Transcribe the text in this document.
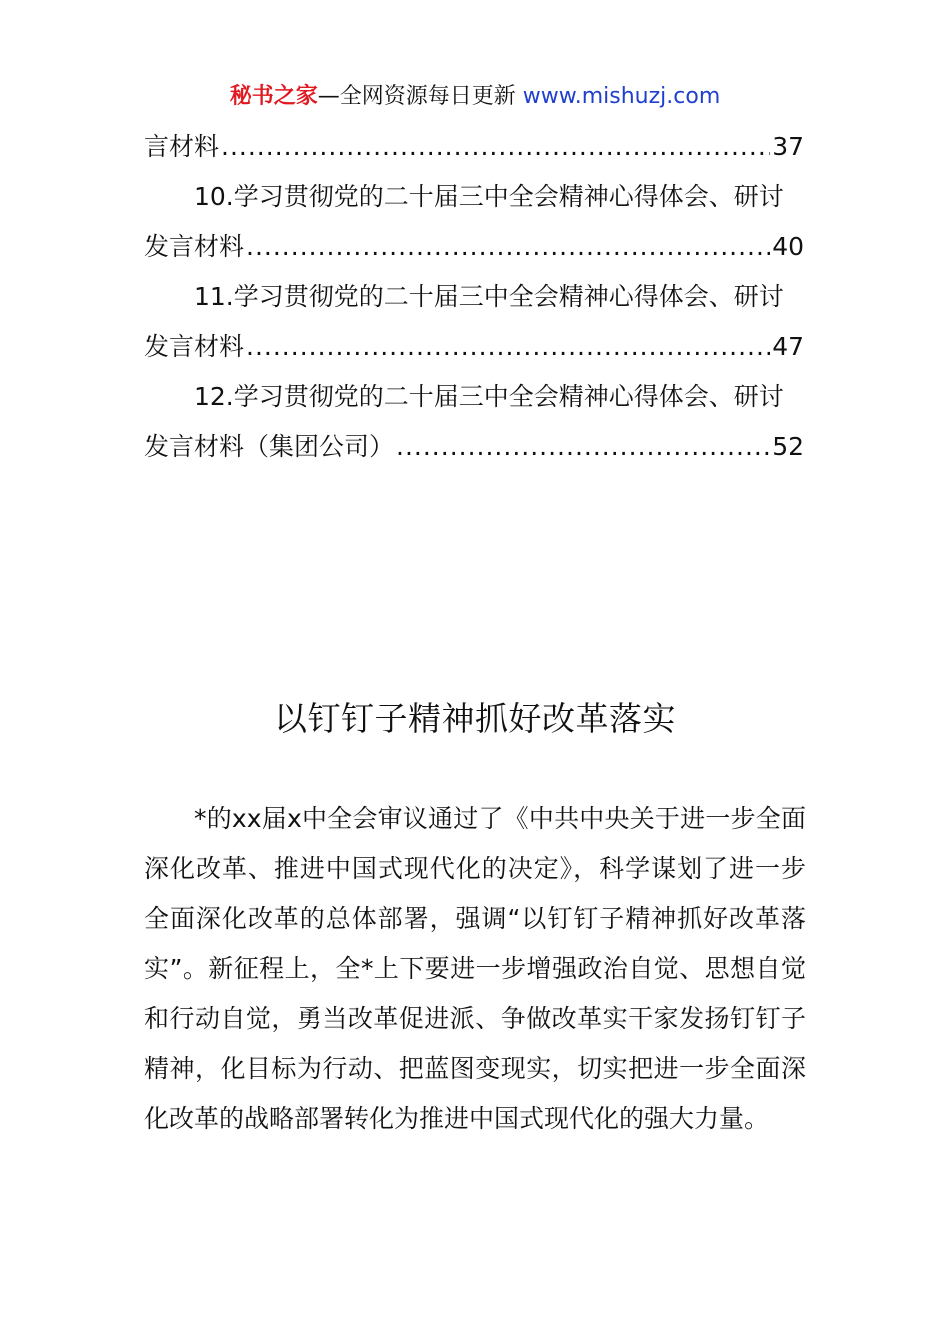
秘书之家—全网资源每日更新 www.mishuzj.com
言材料 .....	37
10.学习贯彻党的二十届三中全会精神心得体会、研讨
发言材料 .....	40
11.学习贯彻党的二十届三中全会精神心得体会、研讨
发言材料 .....	47
12.学习贯彻党的二十届三中全会精神心得体会、研讨
发言材料（集团公司） .....	52
以钉钉子精神抓好改革落实

*的xx届x中全会审议通过了《中共中央关于进一步全面深化改革、推进中国式现代化的决定》，科学谋划了进一步全面深化改革的总体部署，强调“以钉钉子精神抓好改革落实”。新征程上，全*上下要进一步增强政治自觉、思想自觉和行动自觉，勇当改革促进派、争做改革实干家发扬钉钉子精神，化目标为行动、把蓝图变现实，切实把进一步全面深化改革的战略部署转化为推进中国式现代化的强大力量。
